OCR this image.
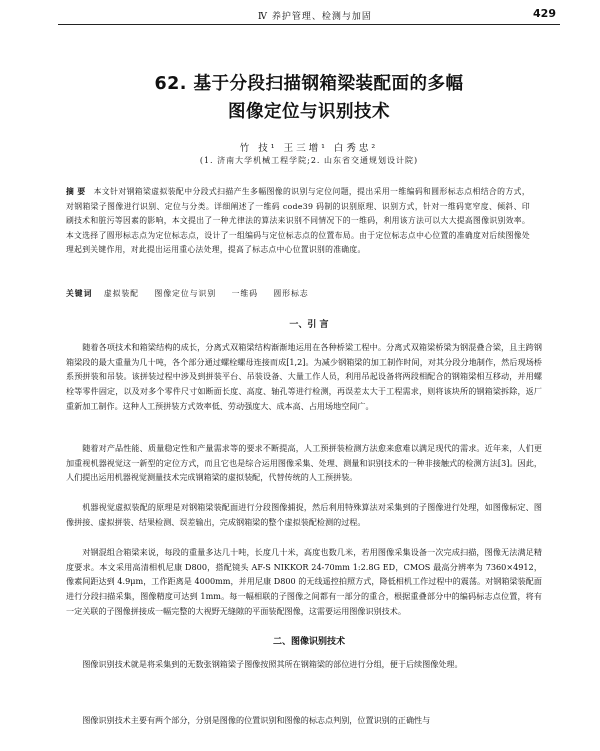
Ⅳ 养护管理、检测与加固	429
62. 基于分段扫描钢箱梁装配面的多幅
图像定位与识别技术
竹 技¹ 王三增¹ 白秀忠²
(1. 济南大学机械工程学院;2. 山东省交通规划设计院)

摘 要 本文针对钢箱梁虚拟装配中分段式扫描产生多幅图像的识别与定位问题，提出采用一维编码和圆形标志点相结合的方式，对钢箱梁子图像进行识别、定位与分类。详细阐述了一维码 code39 码制的识别原理、识别方式，针对一维码宽窄度、倾斜、印刷技术和脏污等因素的影响，本文提出了一种尤律法的算法来识别不同情况下的一维码，利用该方法可以大大提高图像识别效率。本文选择了圆形标志点为定位标志点，设计了一组编码与定位标志点的位置布局。由于定位标志点中心位置的准确度对后续图像处理起到关键作用，对此提出运用重心法处理，提高了标志点中心位置识别的准确度。

关键词 虚拟装配 图像定位与识别 一维码 圆形标志
一、引 言

随着各项技术和箱梁结构的成长，分离式双箱梁结构渐渐地运用在各种桥梁工程中。分离式双箱梁桥梁为钢混叠合梁，且主跨钢箱梁段的最大重量为几十吨，各个部分通过螺栓螺母连接而成[1,2]。为减少钢箱梁的加工制作时间，对其分段分地制作，然后现场桥系预拼装和吊装。该拼装过程中涉及到拼装平台、吊装设备、大量工作人员，利用吊起设备将两段相配合的钢箱梁相互移动，并用螺栓等零件固定，以及对多个零件尺寸如断面长度、高度、轴孔等进行检测，再误差太大于工程需求，则将该块所的钢箱梁拆除，返厂重新加工制作。这种人工预拼装方式效率低、劳动强度大、成本高、占用场地空间广。

随着对产品性能、质量稳定性和产量需求等的要求不断提高，人工预拼装检测方法愈来愈难以满足现代的需求。近年来，人们更加重视机器视觉这一新型的定位方式，而且它也是综合运用图像采集、处理、测量和识别技术的一种非接触式的检测方法[3]。因此，人们提出运用机器视觉测量技术完成钢箱梁的虚拟装配，代替传统的人工预拼装。

机器视觉虚拟装配的原理是对钢箱梁装配面进行分段图像捕捉，然后利用特殊算法对采集到的子图像进行处理，如图像标定、图像拼接、虚拟拼装、结果检测、误差输出，完成钢箱梁的整个虚拟装配检测的过程。

对钢混组合箱梁来说，每段的重量多达几十吨，长度几十米，高度也数几米，若用图像采集设备一次完成扫描，图像无法满足精度要求。本文采用高清相机尼康 D800，搭配镜头 AF-S NIKKOR 24-70mm 1:2.8G ED，CMOS 最高分辨率为 7360×4912，像素间距达到 4.9μm，工作距离是 4000mm，并用尼康 D800 的无线遥控拍照方式，降低相机工作过程中的震荡。对钢箱梁装配面进行分段扫描采集，图像精度可达到 1mm。每一幅相联的子图像之间都有一部分的重合，根据重叠部分中的编码标志点位置，将有一定关联的子图像拼接成一幅完整的大视野无缝隙的平面装配图像，这需要运用图像识别技术。

二、图像识别技术

图像识别技术就是将采集到的无数张钢箱梁子图像按照其所在钢箱梁的部位进行分组，便于后续图像处理。

图像识别技术主要有两个部分，分别是图像的位置识别和图像的标志点判别，位置识别的正确性与
